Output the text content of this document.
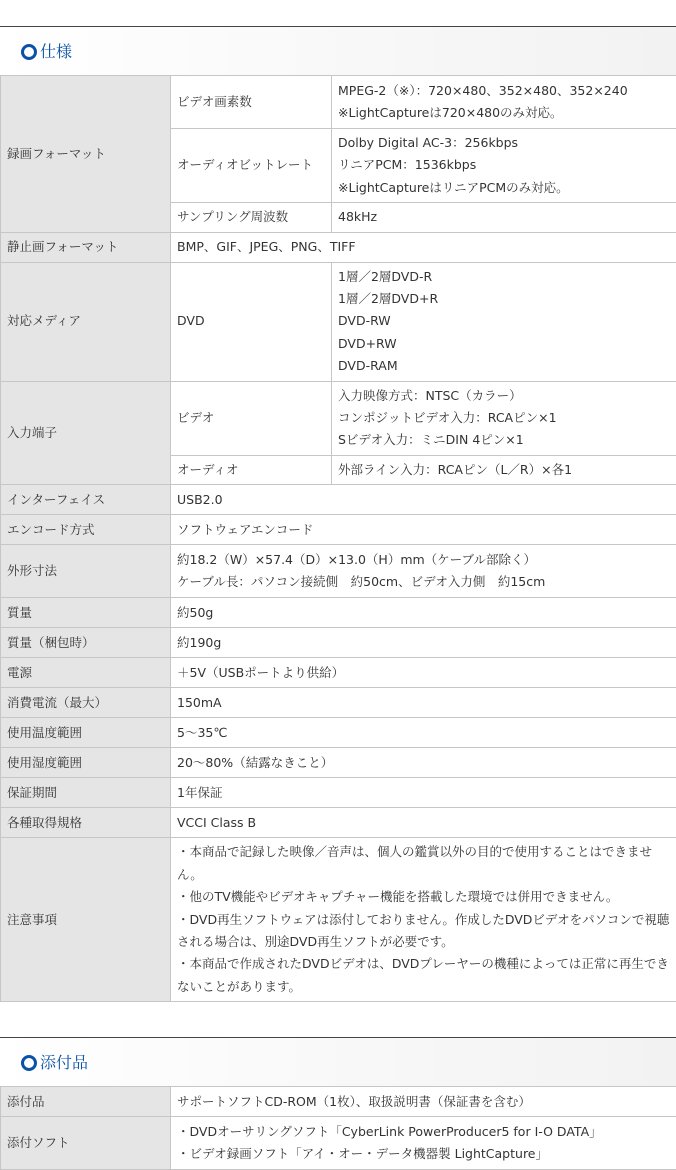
仕様
録画フォーマット	ビデオ画素数	MPEG-2（※）：720×480、352×480、352×240
※LightCaptureは720×480のみ対応。

	オーディオビットレート	Dolby Digital AC-3：256kbps
リニアPCM：1536kbps
※LightCaptureはリニアPCMのみ対応。

	サンプリング周波数	48kHz

静止画フォーマット	BMP、GIF、JPEG、PNG、TIFF	
対応メディア	DVD	1層／2層DVD-R
1層／2層DVD+R
DVD-RW
DVD+RW
DVD-RAM

入力端子	ビデオ	入力映像方式：NTSC（カラー）
コンポジットビデオ入力：RCAピン×1
Sビデオ入力：ミニDIN 4ピン×1

	オーディオ	外部ライン入力：RCAピン（L／R）×各1

インターフェイス	USB2.0	

エンコード方式	ソフトウェアエンコード	

外形寸法	約18.2（W）×57.4（D）×13.0（H）mm（ケーブル部除く）
ケーブル長：パソコン接続側　約50cm、ビデオ入力側　約15cm	

質量	約50g	

質量（梱包時）	約190g	

電源	＋5V（USBポートより供給）	

消費電流（最大）	150mA	

使用温度範囲	5～35℃	

使用湿度範囲	20～80%（結露なきこと）	

保証期間	1年保証	

各種取得規格	VCCI Class B	

注意事項	・本商品で記録した映像／音声は、個人の鑑賞以外の目的で使用することはできません。
・他のTV機能やビデオキャプチャー機能を搭載した環境では併用できません。
・DVD再生ソフトウェアは添付しておりません。作成したDVDビデオをパソコンで視聴される場合は、別途DVD再生ソフトが必要です。
・本商品で作成されたDVDビデオは、DVDプレーヤーの機種によっては正常に再生できないことがあります。	
添付品
添付品	サポートソフトCD-ROM（1枚）、取扱説明書（保証書を含む）

添付ソフト	・DVDオーサリングソフト「CyberLink PowerProducer5 for I-O DATA」
・ビデオ録画ソフト「アイ・オー・データ機器製 LightCapture」
